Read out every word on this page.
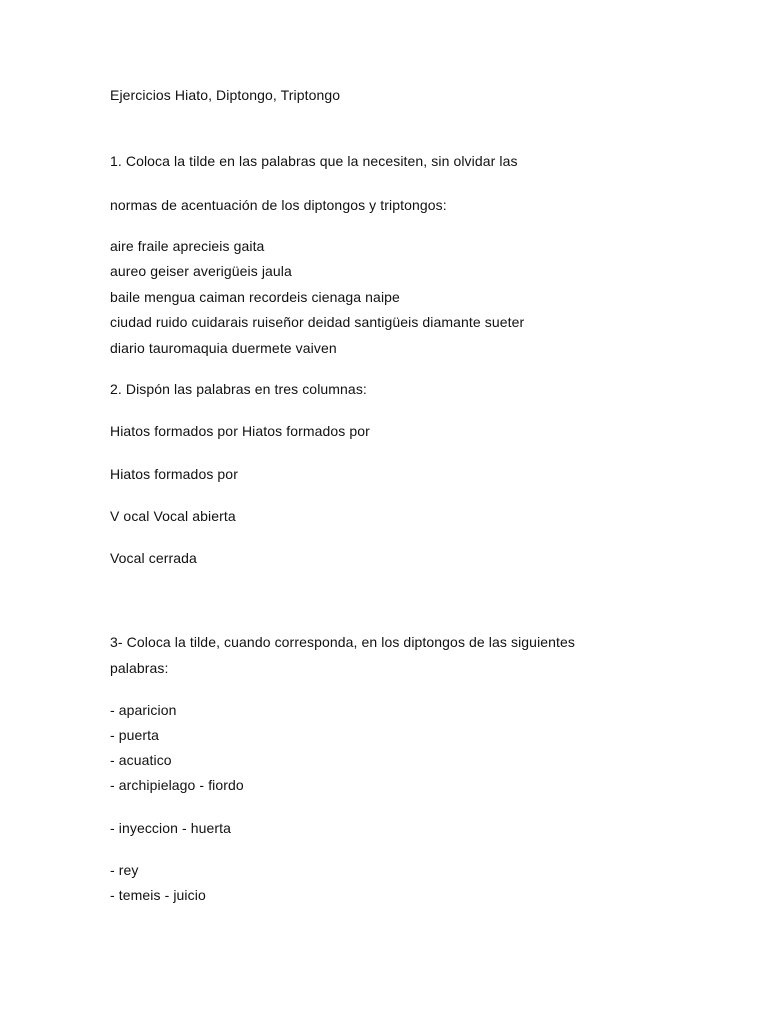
Ejercicios Hiato, Diptongo, Triptongo
1. Coloca la tilde en las palabras que la necesiten, sin olvidar las
normas de acentuación de los diptongos y triptongos:
aire fraile aprecieis gaita
aureo geiser averigüeis jaula
baile mengua caiman recordeis cienaga naipe
ciudad ruido cuidarais ruiseñor deidad santigüeis diamante sueter
diario tauromaquia duermete vaiven
2. Dispón las palabras en tres columnas:
Hiatos formados por Hiatos formados por
Hiatos formados por
V ocal Vocal abierta
Vocal cerrada
3- Coloca la tilde, cuando corresponda, en los diptongos de las siguientes
palabras:
- aparicion
- puerta
- acuatico
- archipielago - fiordo
- inyeccion - huerta
- rey
- temeis - juicio
